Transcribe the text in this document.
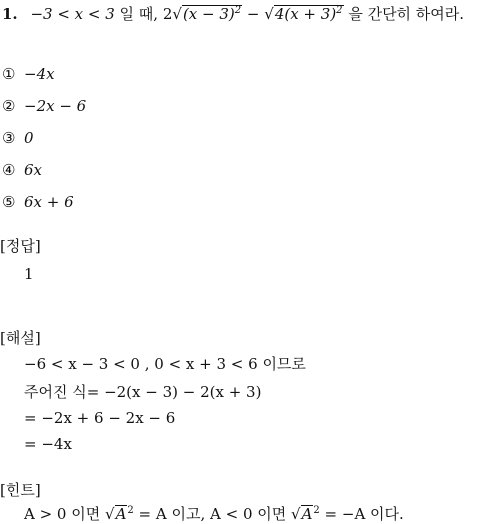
1. −3 < x < 3 일 때, $2√(x - 3)^2 - √4(x + 3)^2$ 을 간단히 하여라.
① −4x
② −2x − 6
③ 0
④ 6x
⑤ 6x + 6
[정답]
1
[해설]
−6 < x − 3 < 0 , 0 < x + 3 < 6 이므로
주어진 식= −2(x − 3) − 2(x + 3)
= −2x + 6 − 2x − 6
= −4x
[힌트]
A > 0 이면 $√A^2 = A$ 이고, A < 0 이면 $√A^2 = -A$ 이다.
